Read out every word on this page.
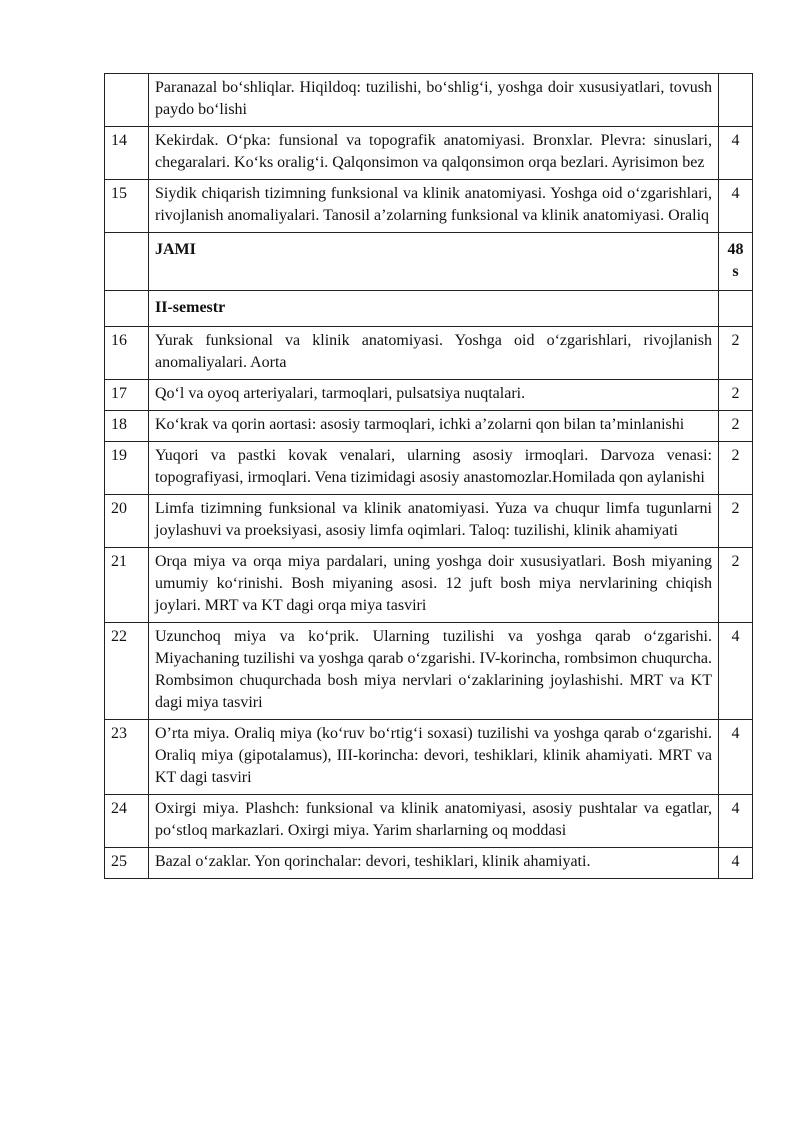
	Paranazal bo‘shliqlar. Hiqildoq: tuzilishi, bo‘shlig‘i, yoshga doir xususiyatlari, tovush paydo bo‘lishi	
14	Kekirdak. O‘pka: funsional va topografik anatomiyasi. Bronxlar. Plevra: sinuslari, chegaralari. Ko‘ks oralig‘i. Qalqonsimon va qalqonsimon orqa bezlari. Ayrisimon bez	4
15	Siydik chiqarish tizimning funksional va klinik anatomiyasi. Yoshga oid o‘zgarishlari, rivojlanish anomaliyalari. Tanosil a’zolarning funksional va klinik anatomiyasi. Oraliq	4
	JAMI	48 s
	II-semestr	
16	Yurak funksional va klinik anatomiyasi. Yoshga oid o‘zgarishlari, rivojlanish anomaliyalari. Aorta	2
17	Qo‘l va oyoq arteriyalari, tarmoqlari, pulsatsiya nuqtalari.	2
18	Ko‘krak va qorin aortasi: asosiy tarmoqlari, ichki a’zolarni qon bilan ta’minlanishi	2
19	Yuqori va pastki kovak venalari, ularning asosiy irmoqlari. Darvoza venasi: topografiyasi, irmoqlari. Vena tizimidagi asosiy anastomozlar.Homilada qon aylanishi	2
20	Limfa tizimning funksional va klinik anatomiyasi. Yuza va chuqur limfa tugunlarni joylashuvi va proeksiyasi, asosiy limfa oqimlari. Taloq: tuzilishi, klinik ahamiyati	2
21	Orqa miya va orqa miya pardalari, uning yoshga doir xususiyatlari. Bosh miyaning umumiy ko‘rinishi. Bosh miyaning asosi. 12 juft bosh miya nervlarining chiqish joylari. MRT va KT dagi orqa miya tasviri	2
22	Uzunchoq miya va ko‘prik. Ularning tuzilishi va yoshga qarab o‘zgarishi. Miyachaning tuzilishi va yoshga qarab o‘zgarishi. IV-korincha, rombsimon chuqurcha. Rombsimon chuqurchada bosh miya nervlari o‘zaklarining joylashishi. MRT va KT dagi miya tasviri	4
23	O’rta miya. Oraliq miya (ko‘ruv bo‘rtig‘i soxasi) tuzilishi va yoshga qarab o‘zgarishi. Oraliq miya (gipotalamus), III-korincha: devori, teshiklari, klinik ahamiyati. MRT va KT dagi tasviri	4
24	Oxirgi miya. Plashch: funksional va klinik anatomiyasi, asosiy pushtalar va egatlar, po‘stloq markazlari. Oxirgi miya. Yarim sharlarning oq moddasi	4
25	Bazal o‘zaklar. Yon qorinchalar: devori, teshiklari, klinik ahamiyati.	4
